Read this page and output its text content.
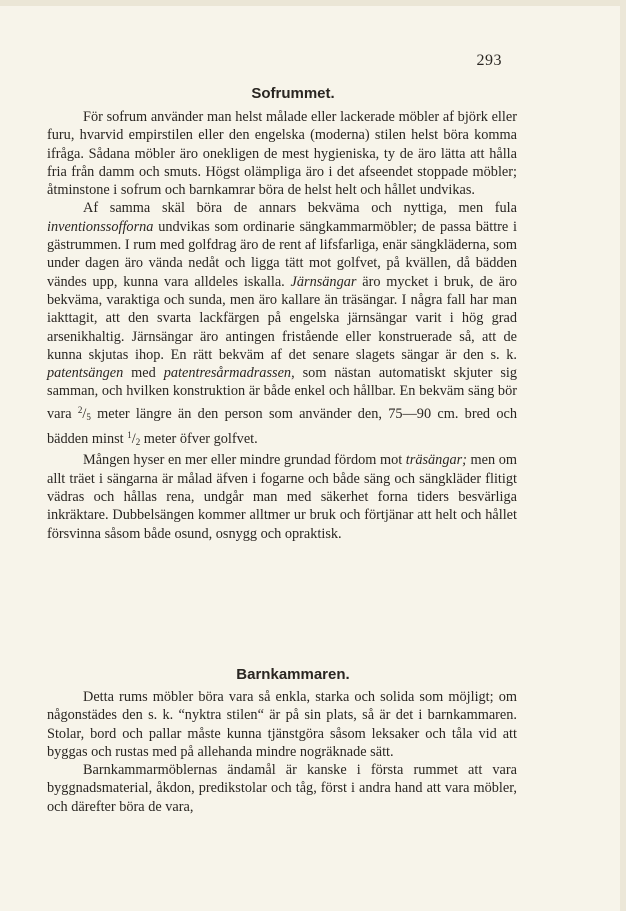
293
Sofrummet.

För sofrum använder man helst målade eller lackerade möbler af björk eller furu, hvarvid empirstilen eller den engelska (moderna) stilen helst böra komma ifråga. Sådana möbler äro onekligen de mest hygieniska, ty de äro lätta att hålla fria från damm och smuts. Högst olämpliga äro i det afseendet stoppade möbler; åtminstone i sofrum och barnkamrar böra de helst helt och hållet undvikas.

Af samma skäl böra de annars bekväma och nyttiga, men fula inventionssofforna undvikas som ordinarie sängkammarmöbler; de passa bättre i gästrummen. I rum med golfdrag äro de rent af lifsfarliga, enär sängkläderna, som under dagen äro vända nedåt och ligga tätt mot golfvet, på kvällen, då bädden vändes upp, kunna vara alldeles iskalla. Järnsängar äro mycket i bruk, de äro bekväma, varaktiga och sunda, men äro kallare än träsängar. I några fall har man iakttagit, att den svarta lackfärgen på engelska järnsängar varit i hög grad arsenikhaltig. Järnsängar äro antingen fristående eller konstruerade så, att de kunna skjutas ihop. En rätt bekväm af det senare slagets sängar är den s. k. patentsängen med patentresårmadrassen, som nästan automatiskt skjuter sig samman, och hvilken konstruktion är både enkel och hållbar. En bekväm säng bör vara $^2/_5$ meter längre än den person som använder den, 75—90 cm. bred och bädden minst $^1/_2$ meter öfver golfvet.

Mången hyser en mer eller mindre grundad fördom mot träsängar; men om allt träet i sängarna är målad äfven i fogarne och både säng och sängkläder flitigt vädras och hållas rena, undgår man med säkerhet forna tiders besvärliga inkräktare. Dubbelsängen kommer alltmer ur bruk och förtjänar att helt och hållet försvinna såsom både osund, osnygg och opraktisk.

Barnkammaren.

Detta rums möbler böra vara så enkla, starka och solida som möjligt; om någonstädes den s. k. “nyktra stilen“ är på sin plats, så är det i barnkammaren. Stolar, bord och pallar måste kunna tjänstgöra såsom leksaker och tåla vid att byggas och rustas med på allehanda mindre nogräknade sätt.

Barnkammarmöblernas ändamål är kanske i första rummet att vara byggnadsmaterial, åkdon, predikstolar och tåg, först i andra hand att vara möbler, och därefter böra de vara,
